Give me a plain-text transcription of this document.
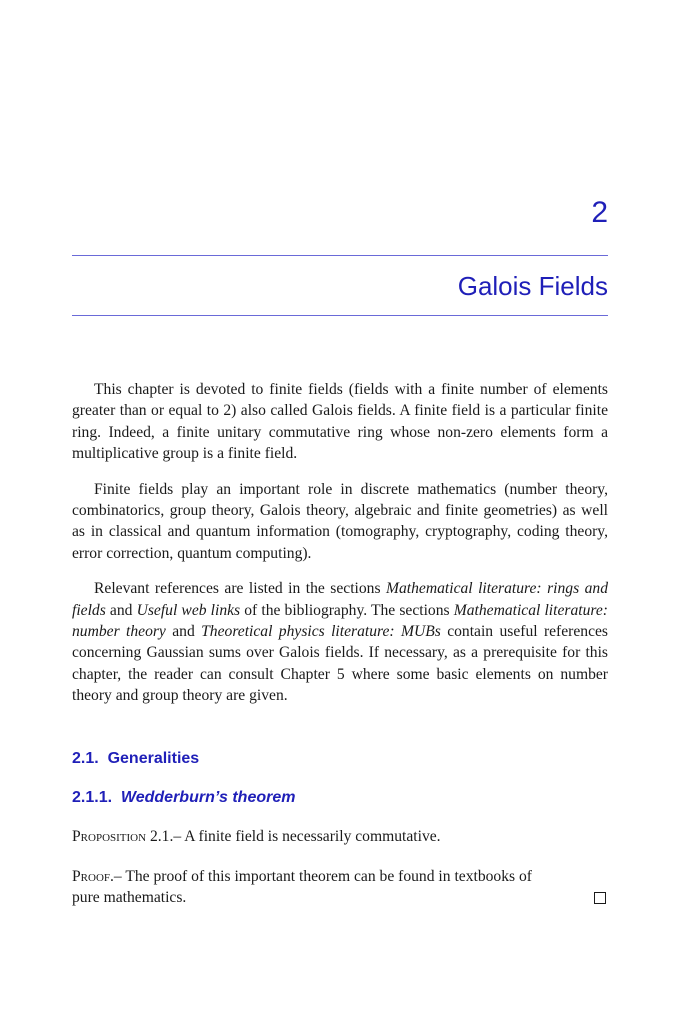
2
Galois Fields

This chapter is devoted to finite fields (fields with a finite number of elements greater than or equal to 2) also called Galois fields. A finite field is a particular finite ring. Indeed, a finite unitary commutative ring whose non-zero elements form a multiplicative group is a finite field.

Finite fields play an important role in discrete mathematics (number theory, combinatorics, group theory, Galois theory, algebraic and finite geometries) as well as in classical and quantum information (tomography, cryptography, coding theory, error correction, quantum computing).

Relevant references are listed in the sections Mathematical literature: rings and fields and Useful web links of the bibliography. The sections Mathematical literature: number theory and Theoretical physics literature: MUBs contain useful references concerning Gaussian sums over Galois fields. If necessary, as a prerequisite for this chapter, the reader can consult Chapter 5 where some basic elements on number theory and group theory are given.

2.1. Generalities
2.1.1. Wedderburn’s theorem
Proposition 2.1.– A finite field is necessarily commutative.
Proof.– The proof of this important theorem can be found in textbooks of
pure mathematics.
